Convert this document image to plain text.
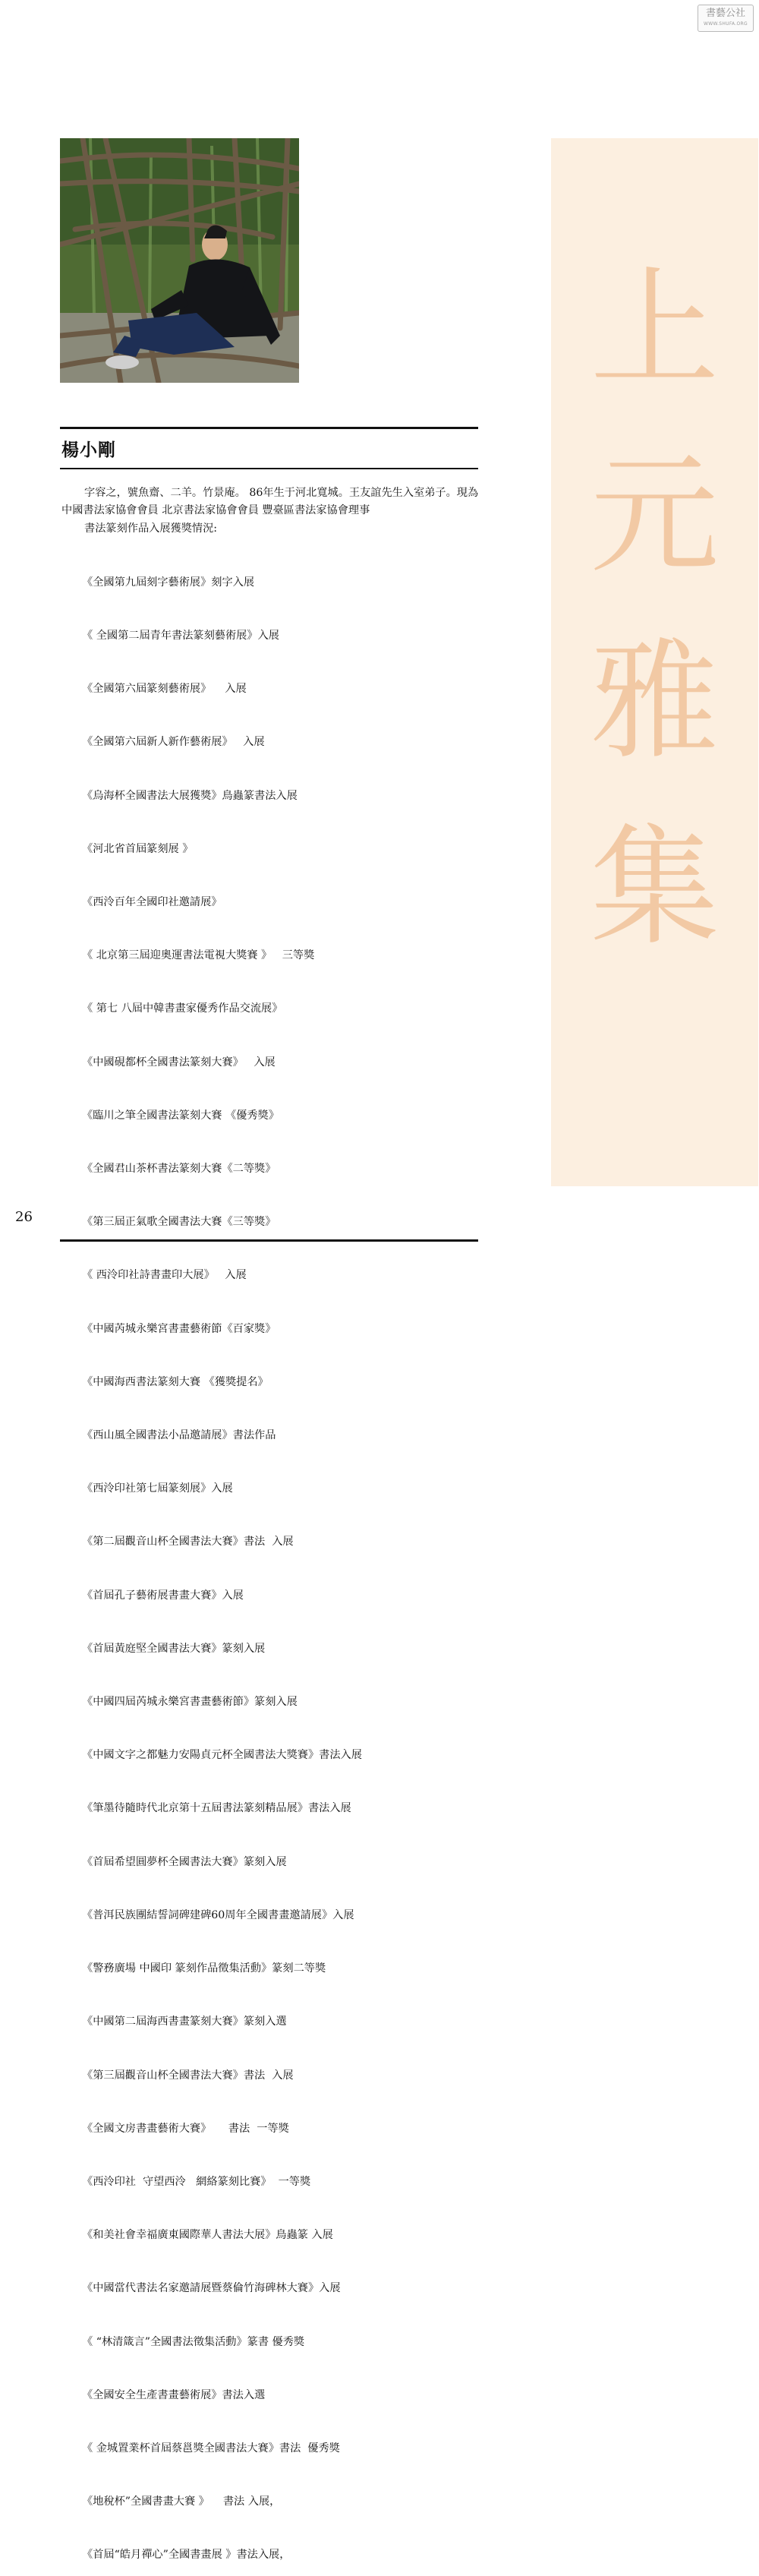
書藝公社
WWW.SHUFA.ORG
上
元
雅
集
楊小剛

字容之，號魚齋、二羊。竹景庵。 86年生于河北寬城。王友誼先生入室弟子。現為中國書法家協會會員 北京書法家協會會員 豐臺區書法家協會理事

書法篆刻作品入展獲獎情況:

《全國第九屆刻字藝術展》刻字入展

《 全國第二屆青年書法篆刻藝術展》入展

《全國第六屆篆刻藝術展》    入展

《全國第六屆新人新作藝術展》   入展

《烏海杯全國書法大展獲獎》鳥蟲篆書法入展

《河北省首屆篆刻展 》

《西泠百年全國印社邀請展》

《 北京第三屆迎奧運書法電視大獎賽 》   三等獎

《 第七 八屆中韓書畫家優秀作品交流展》

《中國硯都杯全國書法篆刻大賽》   入展

《臨川之筆全國書法篆刻大賽 《優秀獎》

《全國君山茶杯書法篆刻大賽《二等獎》

《第三屆正氣歌全國書法大賽《三等獎》

《 西泠印社詩書畫印大展》   入展

《中國芮城永樂宮書畫藝術節《百家獎》

《中國海西書法篆刻大賽 《獲獎提名》

《西山風全國書法小品邀請展》書法作品

《西泠印社第七屆篆刻展》入展

《第二屆觀音山杯全國書法大賽》書法  入展

《首屆孔子藝術展書畫大賽》入展

《首屆黃庭堅全國書法大賽》篆刻入展

《中國四屆芮城永樂宮書畫藝術節》篆刻入展

《中國文字之都魅力安陽貞元杯全國書法大獎賽》書法入展

《筆墨待隨時代北京第十五屆書法篆刻精品展》書法入展

《首屆希望圓夢杯全國書法大賽》篆刻入展

《普洱民族團結誓詞碑建碑60周年全國書畫邀請展》入展

《警務廣場 中國印 篆刻作品徵集活動》篆刻二等獎

《中國第二屆海西書畫篆刻大賽》篆刻入選

《第三屆觀音山杯全國書法大賽》書法  入展

《全國文房書畫藝術大賽》     書法  一等獎

《西泠印社  守望西泠   網絡篆刻比賽》  一等獎

《和美社會幸福廣東國際華人書法大展》鳥蟲篆 入展

《中國當代書法名家邀請展暨蔡倫竹海碑林大賽》入展

《 “林清箴言”全國書法徵集活動》篆書 優秀獎

《全國安全生產書畫藝術展》書法入選

《 金城置業杯首屆蔡邕獎全國書法大賽》書法  優秀獎

《地稅杯”全國書畫大賽 》    書法 入展，

《首屆“皓月禪心”全國書畫展 》書法入展，

26
